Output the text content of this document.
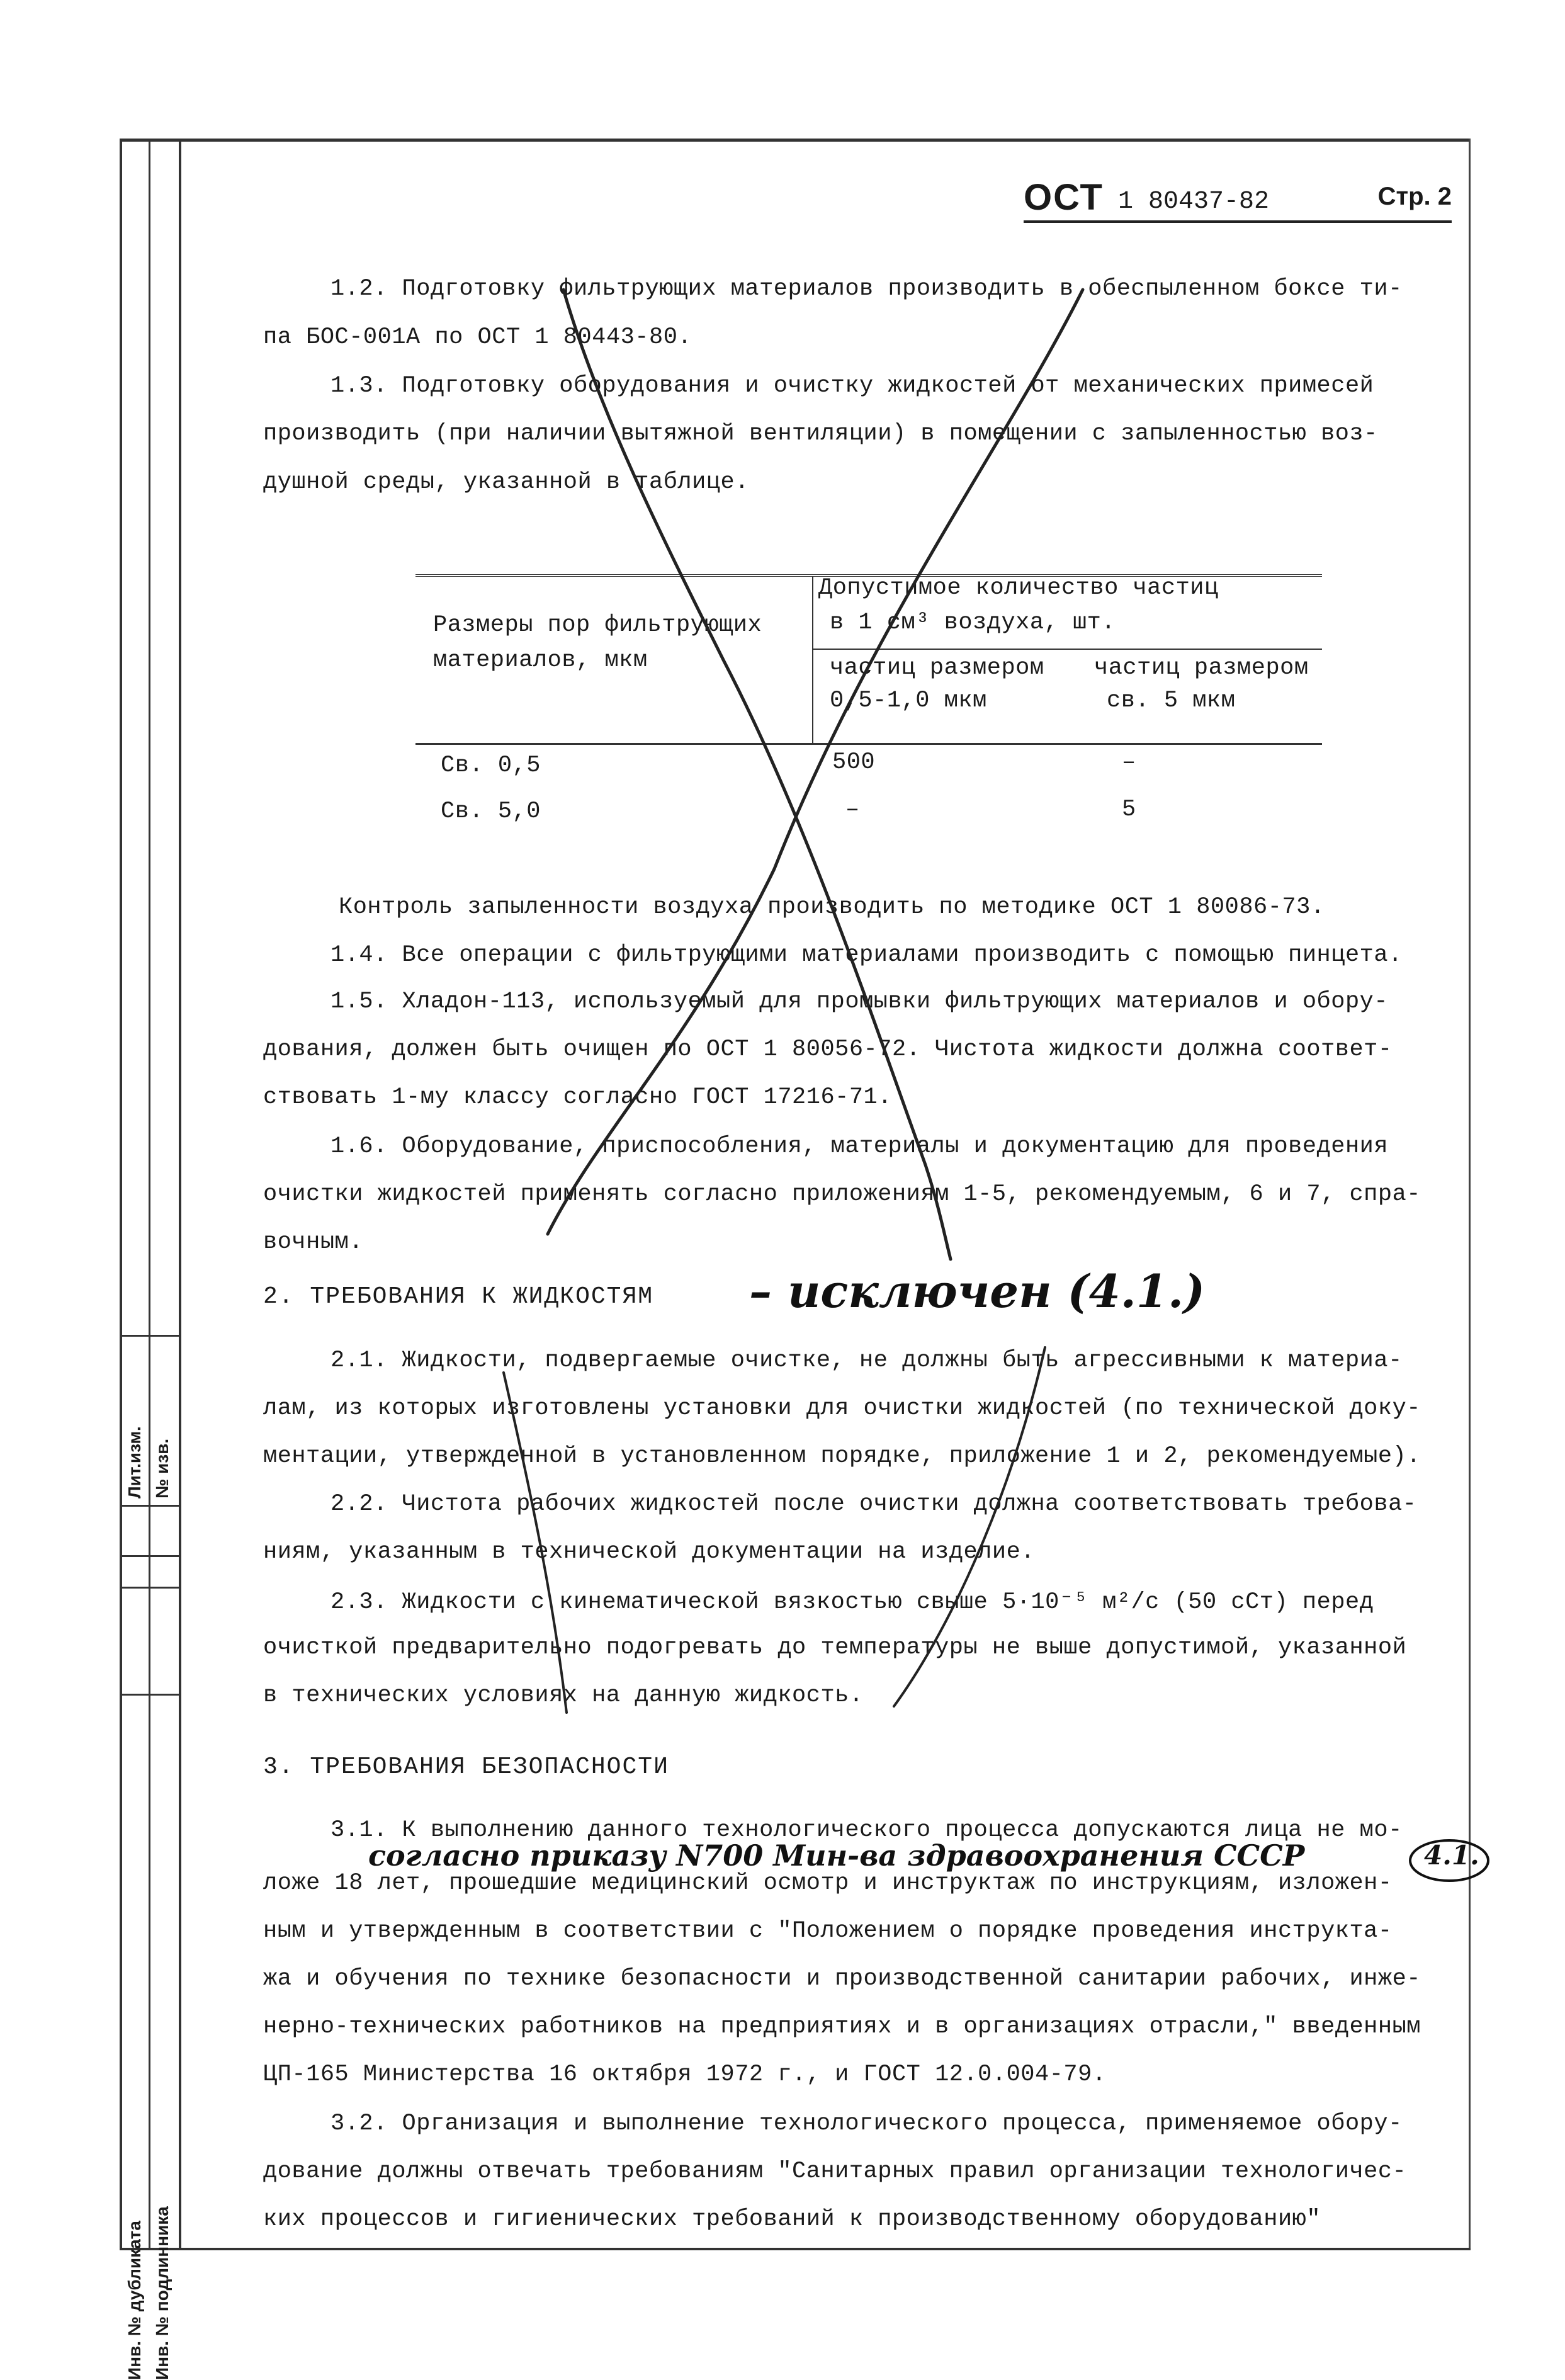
Лит.изм. № изв.
Инв. № дубликата Инв. № подлинника
ОСТ 1 80437-82	Стр. 2
1.2. Подготовку фильтрующих материалов производить в обеспыленном боксе ти-
па БОС-001А по ОСТ 1 80443-80.
1.3. Подготовку оборудования и очистку жидкостей от механических примесей
производить (при наличии вытяжной вентиляции) в помещении с запыленностью воз-
душной среды, указанной в таблице.
Размеры пор фильтрующих
материалов, мкм
Допустимое количество частиц
в 1 см³ воздуха, шт.
частиц размером
0,5-1,0 мкм
частиц размером
св. 5 мкм
Св. 0,5	500	–
Св. 5,0	–	5
Контроль запыленности воздуха производить по методике ОСТ 1 80086-73.
1.4. Все операции с фильтрующими материалами производить с помощью пинцета.
1.5. Хладон-113, используемый для промывки фильтрующих материалов и обору-
дования, должен быть очищен по ОСТ 1 80056-72. Чистота жидкости должна соответ-
ствовать 1-му классу согласно ГОСТ 17216-71.
1.6. Оборудование, приспособления, материалы и документацию для проведения
очистки жидкостей применять согласно приложениям 1-5, рекомендуемым, 6 и 7, спра-
вочным.
2. ТРЕБОВАНИЯ К ЖИДКОСТЯМ – исключен (4.1.)
2.1. Жидкости, подвергаемые очистке, не должны быть агрессивными к материа-
лам, из которых изготовлены установки для очистки жидкостей (по технической доку-
ментации, утвержденной в установленном порядке, приложение 1 и 2, рекомендуемые).
2.2. Чистота рабочих жидкостей после очистки должна соответствовать требова-
ниям, указанным в технической документации на изделие.
2.3. Жидкости с кинематической вязкостью свыше 5·10⁻⁵ м²/с (50 сСт) перед
очисткой предварительно подогревать до температуры не выше допустимой, указанной
в технических условиях на данную жидкость.
3. ТРЕБОВАНИЯ БЕЗОПАСНОСТИ
3.1. К выполнению данного технологического процесса допускаются лица не мо-
согласно приказу N700 Мин-ва здравоохранения СССР	4.1.
ложе 18 лет, прошедшие медицинский осмотр и инструктаж по инструкциям, изложен-
ным и утвержденным в соответствии с "Положением о порядке проведения инструкта-
жа и обучения по технике безопасности и производственной санитарии рабочих, инже-
нерно-технических работников на предприятиях и в организациях отрасли," введенным
ЦП-165 Министерства 16 октября 1972 г., и ГОСТ 12.0.004-79.
3.2. Организация и выполнение технологического процесса, применяемое обору-
дование должны отвечать требованиям "Санитарных правил организации технологичес-
ких процессов и гигиенических требований к производственному оборудованию"
